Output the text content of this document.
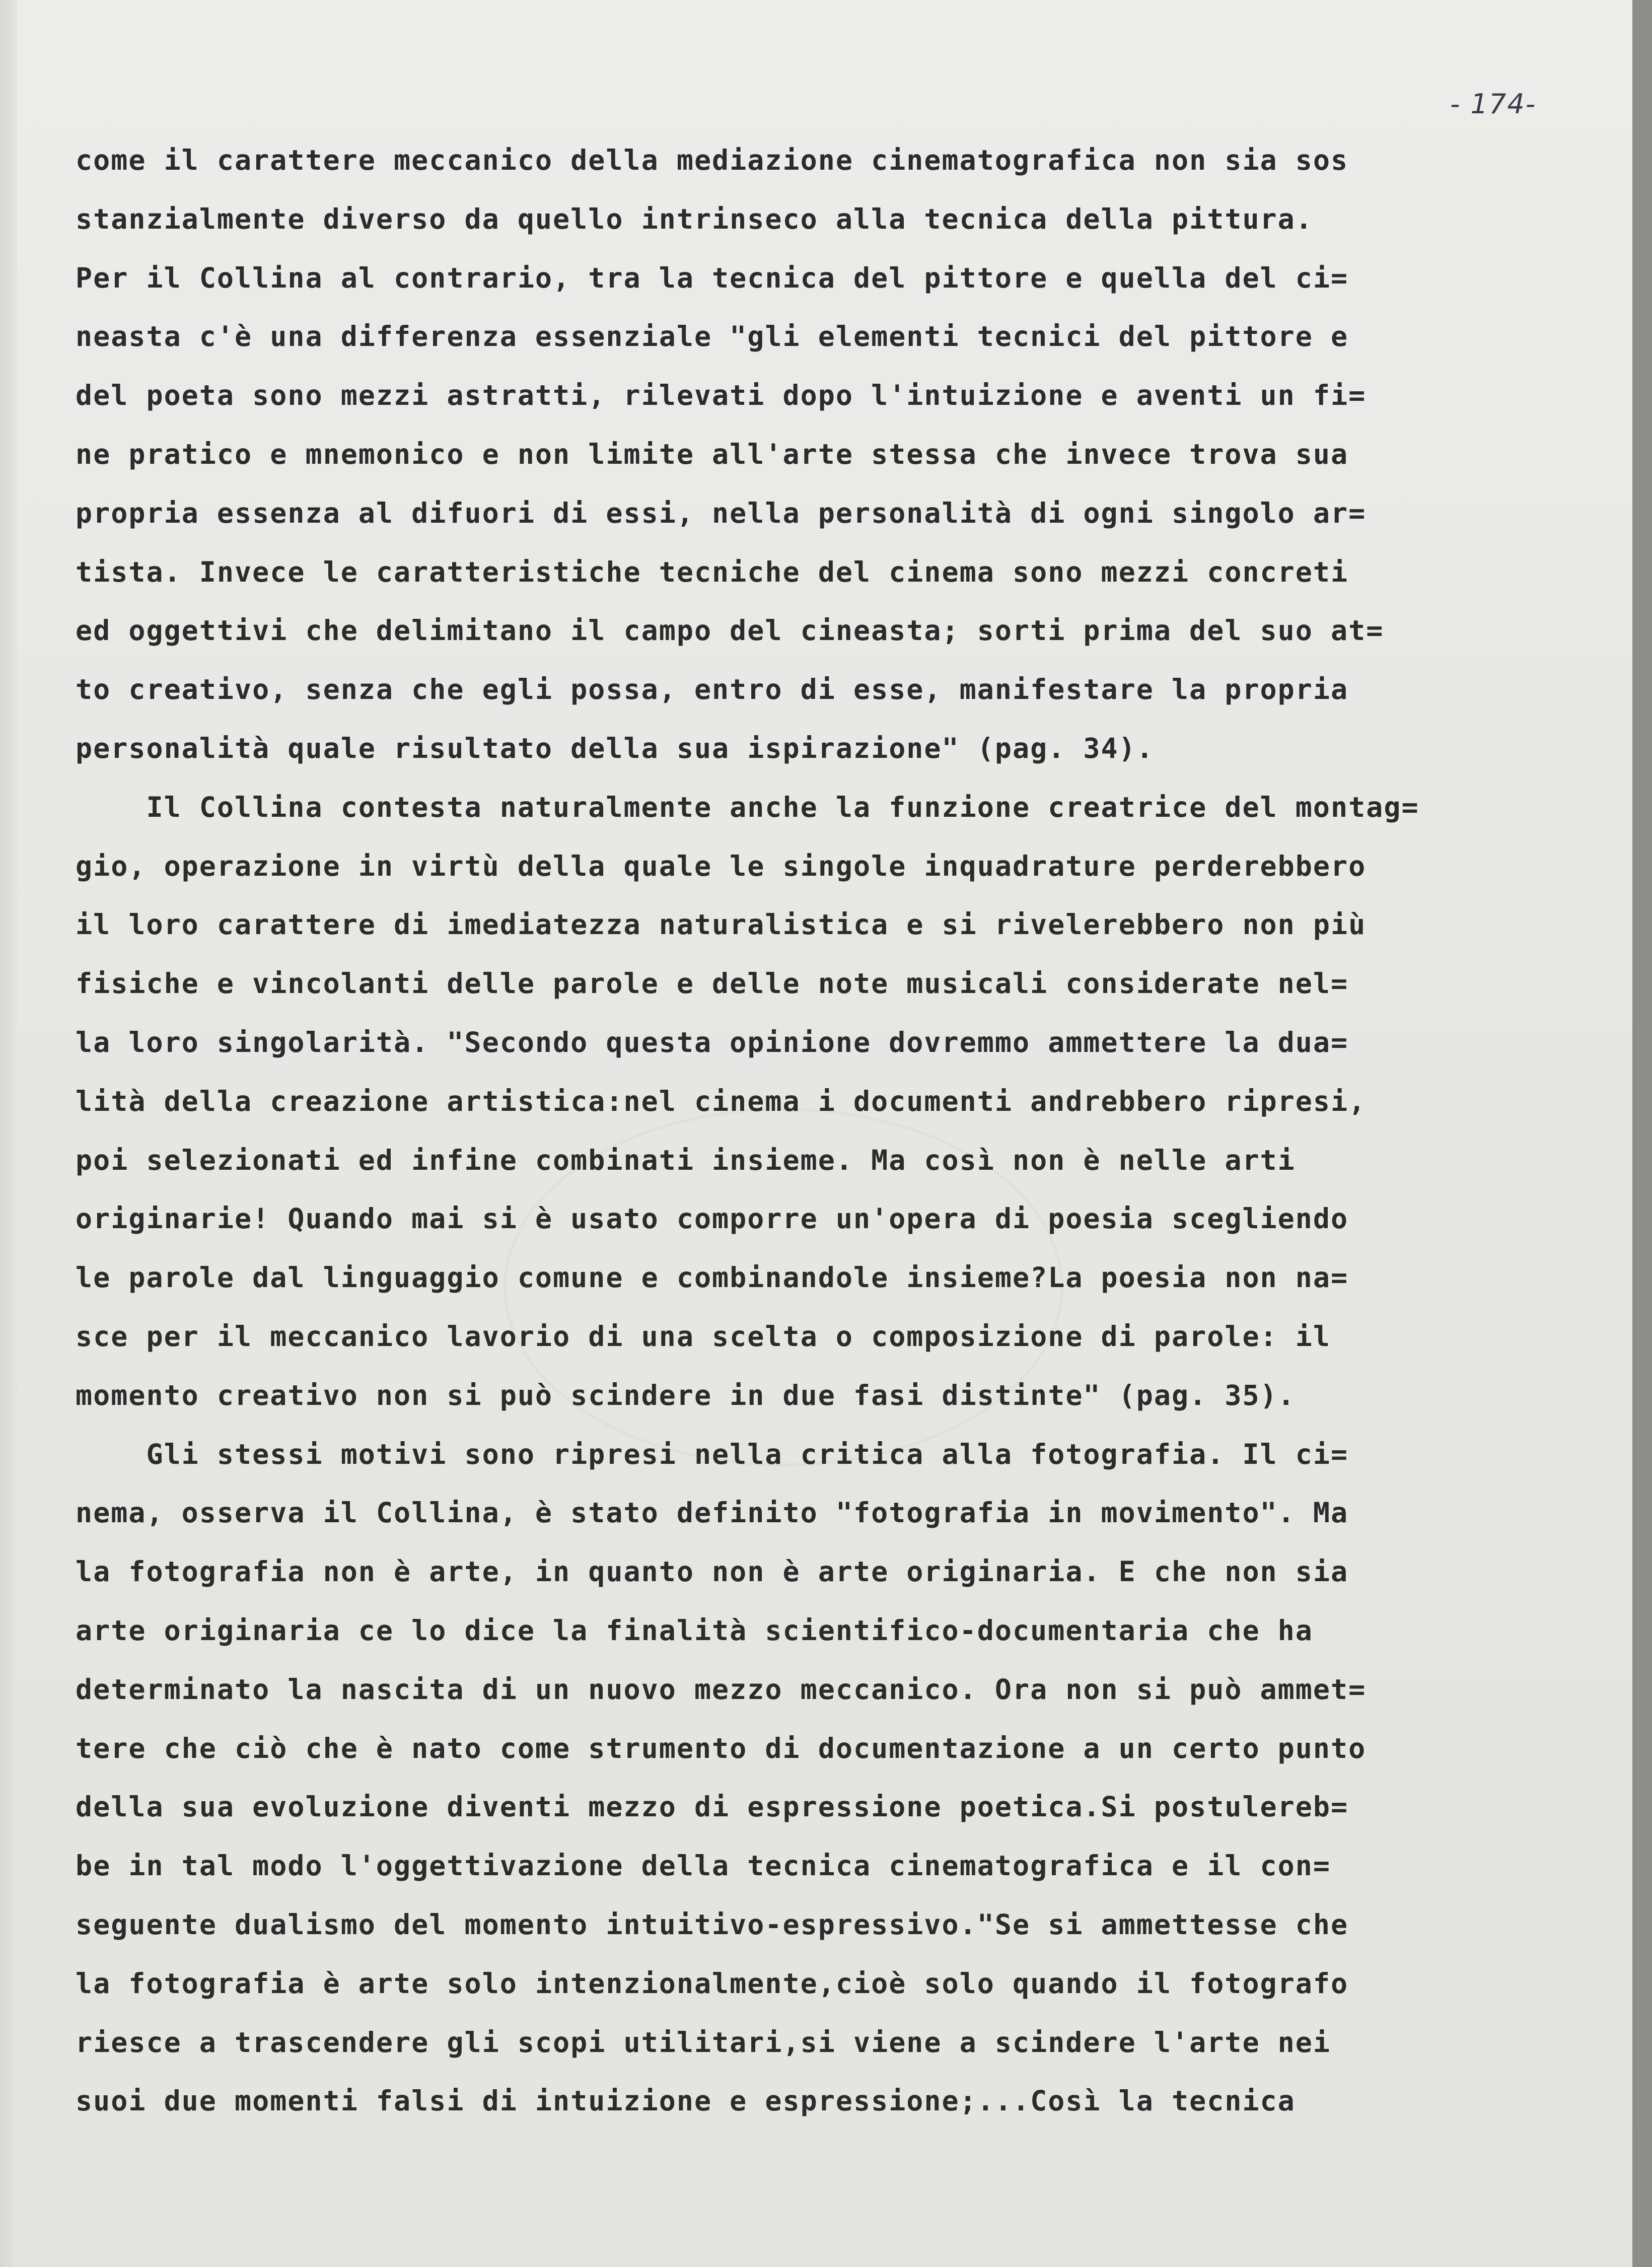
- 174-
come il carattere meccanico della mediazione cinematografica non sia sos
stanzialmente diverso da quello intrinseco alla tecnica della pittura.
Per il Collina al contrario, tra la tecnica del pittore e quella del ci=
neasta c'è una differenza essenziale "gli elementi tecnici del pittore e
del poeta sono mezzi astratti, rilevati dopo l'intuizione e aventi un fi=
ne pratico e mnemonico e non limite all'arte stessa che invece trova sua
propria essenza al difuori di essi, nella personalità di ogni singolo ar=
tista. Invece le caratteristiche tecniche del cinema sono mezzi concreti
ed oggettivi che delimitano il campo del cineasta; sorti prima del suo at=
to creativo, senza che egli possa, entro di esse, manifestare la propria
personalità quale risultato della sua ispirazione" (pag. 34).
Il Collina contesta naturalmente anche la funzione creatrice del montag=
gio, operazione in virtù della quale le singole inquadrature perderebbero
il loro carattere di imediatezza naturalistica e si rivelerebbero non più
fisiche e vincolanti delle parole e delle note musicali considerate nel=
la loro singolarità. "Secondo questa opinione dovremmo ammettere la dua=
lità della creazione artistica:nel cinema i documenti andrebbero ripresi,
poi selezionati ed infine combinati insieme. Ma così non è nelle arti
originarie! Quando mai si è usato comporre un'opera di poesia scegliendo
le parole dal linguaggio comune e combinandole insieme?La poesia non na=
sce per il meccanico lavorio di una scelta o composizione di parole: il
momento creativo non si può scindere in due fasi distinte" (pag. 35).
Gli stessi motivi sono ripresi nella critica alla fotografia. Il ci=
nema, osserva il Collina, è stato definito "fotografia in movimento". Ma
la fotografia non è arte, in quanto non è arte originaria. E che non sia
arte originaria ce lo dice la finalità scientifico-documentaria che ha
determinato la nascita di un nuovo mezzo meccanico. Ora non si può ammet=
tere che ciò che è nato come strumento di documentazione a un certo punto
della sua evoluzione diventi mezzo di espressione poetica.Si postulereb=
be in tal modo l'oggettivazione della tecnica cinematografica e il con=
seguente dualismo del momento intuitivo-espressivo."Se si ammettesse che
la fotografia è arte solo intenzionalmente,cioè solo quando il fotografo
riesce a trascendere gli scopi utilitari,si viene a scindere l'arte nei
suoi due momenti falsi di intuizione e espressione;...Così la tecnica
